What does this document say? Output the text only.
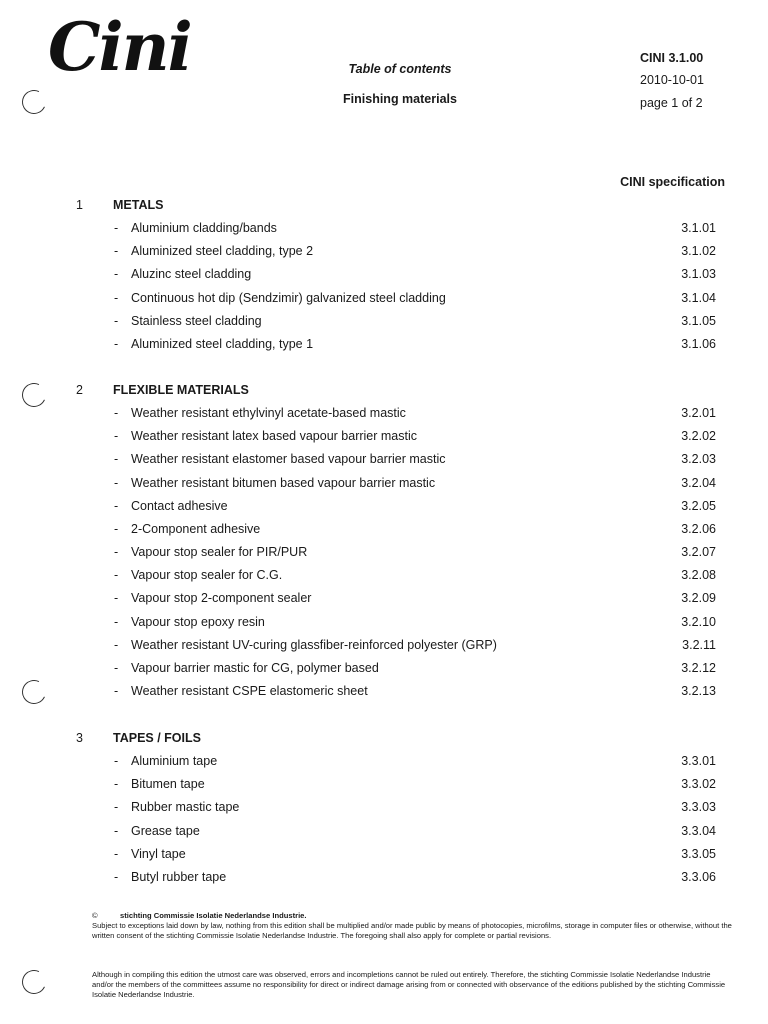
Cini	Table of contents
Finishing materials
CINI 3.1.00
2010-10-01
page 1 of 2
CINI specification
1 METALS
- Aluminium cladding/bands	3.1.01
- Aluminized steel cladding, type 2	3.1.02
- Aluzinc steel cladding	3.1.03
- Continuous hot dip (Sendzimir) galvanized steel cladding	3.1.04
- Stainless steel cladding	3.1.05
- Aluminized steel cladding, type 1	3.1.06
2 FLEXIBLE MATERIALS
- Weather resistant ethylvinyl acetate-based mastic	3.2.01
- Weather resistant latex based vapour barrier mastic	3.2.02
- Weather resistant elastomer based vapour barrier mastic	3.2.03
- Weather resistant bitumen based vapour barrier mastic	3.2.04
- Contact adhesive	3.2.05
- 2-Component adhesive	3.2.06
- Vapour stop sealer for PIR/PUR	3.2.07
- Vapour stop sealer for C.G.	3.2.08
- Vapour stop 2-component sealer	3.2.09
- Vapour stop epoxy resin	3.2.10
- Weather resistant UV-curing glassfiber-reinforced polyester (GRP)	3.2.11
- Vapour barrier mastic for CG, polymer based	3.2.12
- Weather resistant CSPE elastomeric sheet	3.2.13
3 TAPES / FOILS
- Aluminium tape	3.3.01
- Bitumen tape	3.3.02
- Rubber mastic tape	3.3.03
- Grease tape	3.3.04
- Vinyl tape	3.3.05
- Butyl rubber tape	3.3.06
©	stichting Commissie Isolatie Nederlandse Industrie.
Subject to exceptions laid down by law, nothing from this edition shall be multiplied and/or made public by means of photocopies, microfilms, storage in computer files or otherwise, without the written consent of the stichting Commissie Isolatie Nederlandse Industrie. The foregoing shall also apply for complete or partial revisions.
Although in compiling this edition the utmost care was observed, errors and incompletions cannot be ruled out entirely. Therefore, the stichting Commissie Isolatie Nederlandse Industrie and/or the members of the committees assume no responsibility for direct or indirect damage arising from or connected with observance of the editions published by the stichting Commissie Isolatie Nederlandse Industrie.
